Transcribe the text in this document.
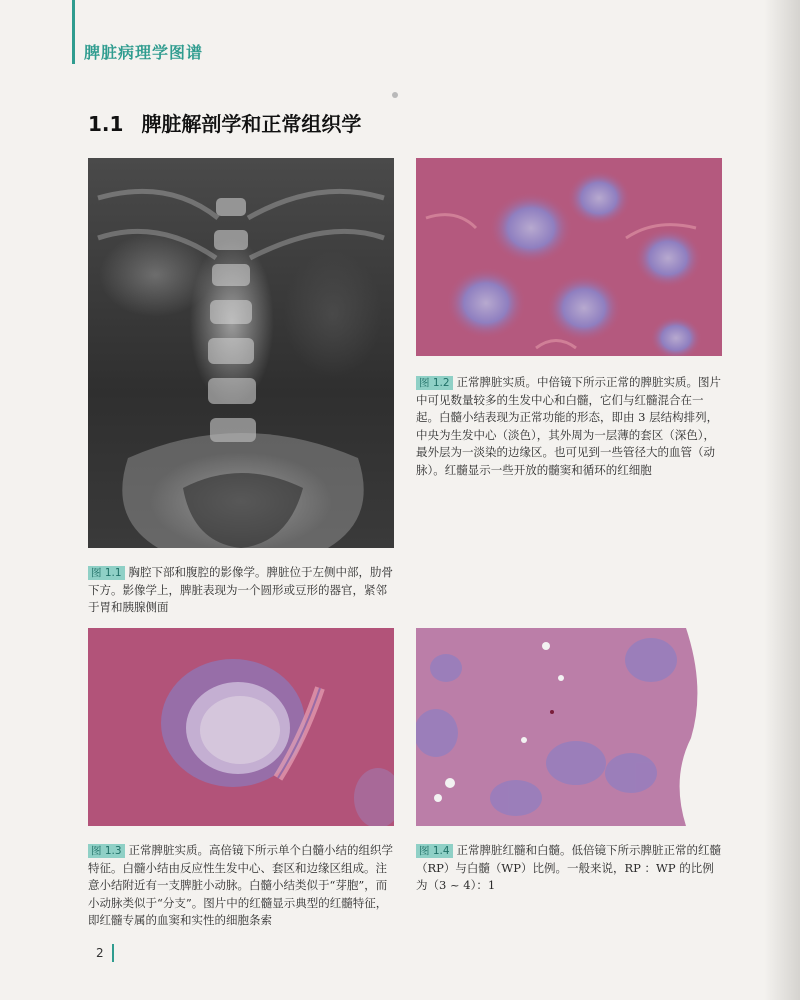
脾脏病理学图谱
1.1 脾脏解剖学和正常组织学
图 1.1 胸腔下部和腹腔的影像学。脾脏位于左侧中部，肋骨下方。影像学上，脾脏表现为一个圆形或豆形的器官，紧邻于胃和胰腺侧面
图 1.2 正常脾脏实质。中倍镜下所示正常的脾脏实质。图片中可见数量较多的生发中心和白髓，它们与红髓混合在一起。白髓小结表现为正常功能的形态，即由 3 层结构排列，中央为生发中心（淡色），其外周为一层薄的套区（深色），最外层为一淡染的边缘区。也可见到一些管径大的血管（动脉）。红髓显示一些开放的髓窦和循环的红细胞
图 1.3 正常脾脏实质。高倍镜下所示单个白髓小结的组织学特征。白髓小结由反应性生发中心、套区和边缘区组成。注意小结附近有一支脾脏小动脉。白髓小结类似于“芽胞”，而小动脉类似于“分支”。图片中的红髓显示典型的红髓特征，即红髓专属的血窦和实性的细胞条索
图 1.4 正常脾脏红髓和白髓。低倍镜下所示脾脏正常的红髓（RP）与白髓（WP）比例。一般来说，RP ：WP 的比例为（3 ~ 4）：1
2
